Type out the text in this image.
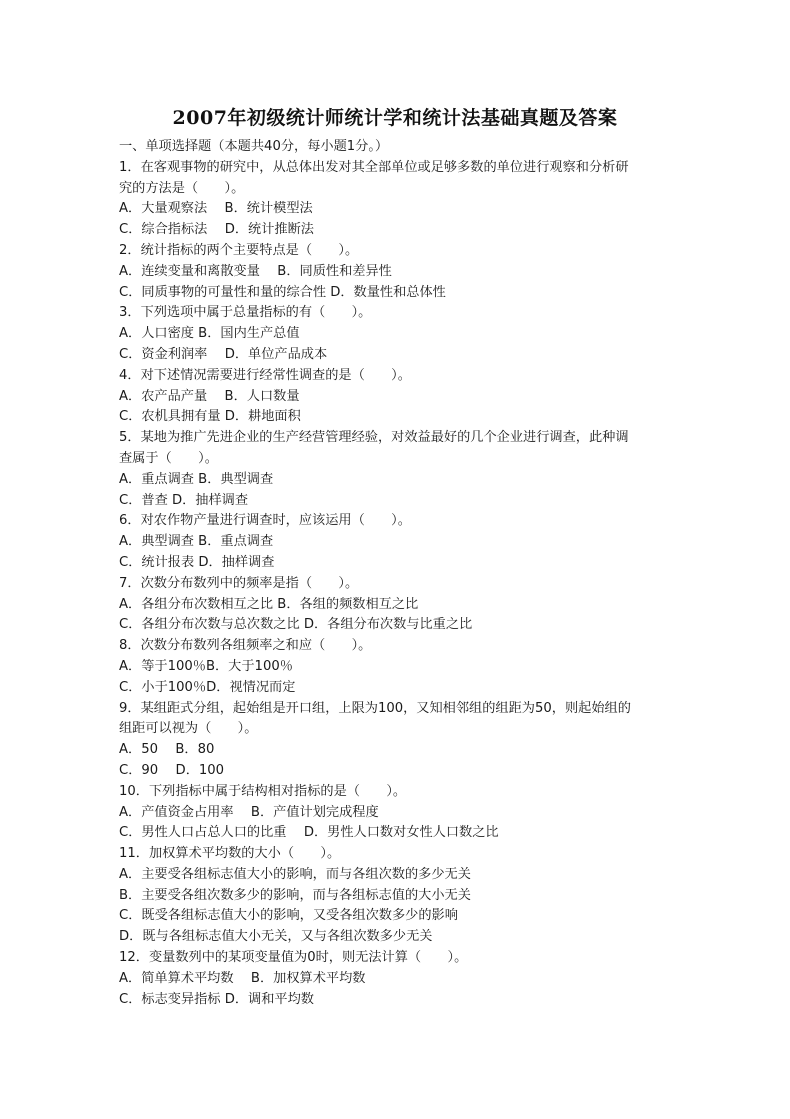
2007年初级统计师统计学和统计法基础真题及答案
一、单项选择题（本题共40分，每小题1分。）
1．在客观事物的研究中，从总体出发对其全部单位或足够多数的单位进行观察和分析研
究的方法是（　　）。
A．大量观察法　 B．统计模型法
C．综合指标法　 D．统计推断法
2．统计指标的两个主要特点是（　　）。
A．连续变量和离散变量　 B．同质性和差异性
C．同质事物的可量性和量的综合性 D．数量性和总体性
3．下列选项中属于总量指标的有（　　）。
A．人口密度 B．国内生产总值
C．资金利润率　 D．单位产品成本
4．对下述情况需要进行经常性调查的是（　　）。
A．农产品产量　 B．人口数量
C．农机具拥有量 D．耕地面积
5．某地为推广先进企业的生产经营管理经验，对效益最好的几个企业进行调查，此种调
查属于（　　）。
A．重点调查 B．典型调查
C．普查 D．抽样调查
6．对农作物产量进行调查时，应该运用（　　）。
A．典型调查 B．重点调查
C．统计报表 D．抽样调查
7．次数分布数列中的频率是指（　　）。
A．各组分布次数相互之比 B．各组的频数相互之比
C．各组分布次数与总次数之比 D．各组分布次数与比重之比
8．次数分布数列各组频率之和应（　　）。
A．等于100％B．大于100％
C．小于100％D．视情况而定
9．某组距式分组，起始组是开口组，上限为100，又知相邻组的组距为50，则起始组的
组距可以视为（　　）。
A．50　 B．80
C．90　 D．100
10．下列指标中属于结构相对指标的是（　　）。
A．产值资金占用率　 B．产值计划完成程度
C．男性人口占总人口的比重　 D．男性人口数对女性人口数之比
11．加权算术平均数的大小（　　）。
A．主要受各组标志值大小的影响，而与各组次数的多少无关
B．主要受各组次数多少的影响，而与各组标志值的大小无关
C．既受各组标志值大小的影响，又受各组次数多少的影响
D．既与各组标志值大小无关，又与各组次数多少无关
12．变量数列中的某项变量值为0时，则无法计算（　　）。
A．简单算术平均数　 B．加权算术平均数
C．标志变异指标 D．调和平均数
